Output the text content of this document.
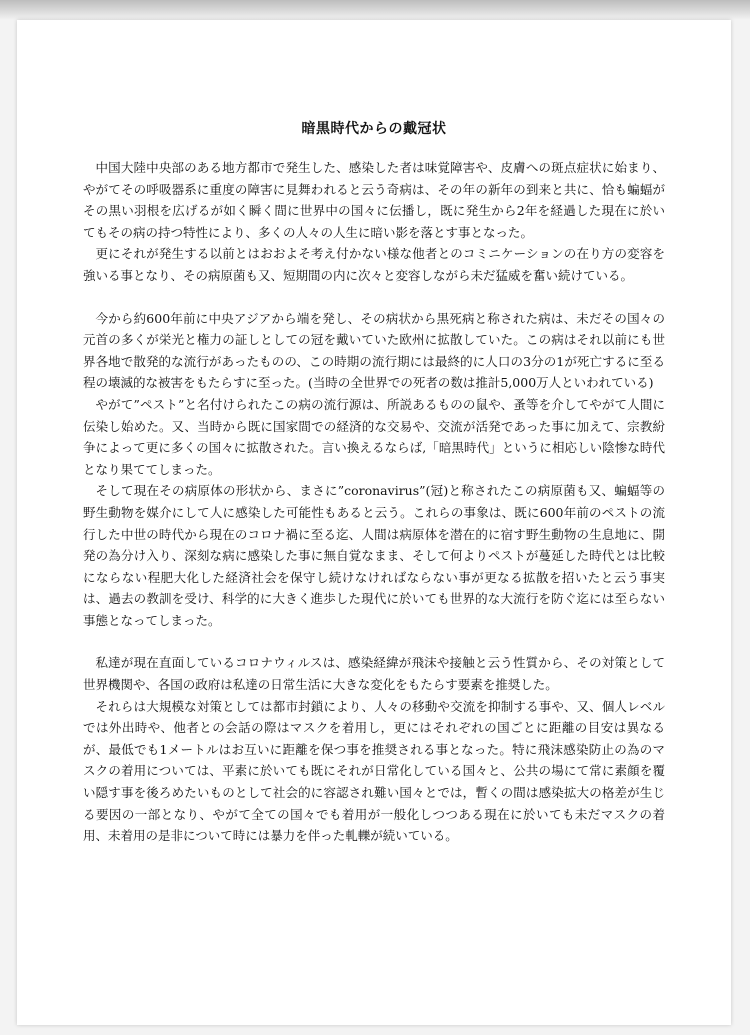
暗黒時代からの戴冠状

中国大陸中央部のある地方都市で発生した、感染した者は味覚障害や、皮膚への斑点症状に始まり、やがてその呼吸器系に重度の障害に見舞われると云う奇病は、その年の新年の到来と共に、恰も蝙蝠がその黒い羽根を広げるが如く瞬く間に世界中の国々に伝播し，既に発生から2年を経過した現在に於いてもその病の持つ特性により、多くの人々の人生に暗い影を落とす事となった。

更にそれが発生する以前とはおおよそ考え付かない様な他者とのコミニケーションの在り方の変容を強いる事となり、その病原菌も又、短期間の内に次々と変容しながら未だ猛威を奮い続けている。

今から約600年前に中央アジアから端を発し、その病状から黒死病と称された病は、未だその国々の元首の多くが栄光と権力の証しとしての冠を戴いていた欧州に拡散していた。この病はそれ以前にも世界各地で散発的な流行があったものの、この時期の流行期には最終的に人口の3分の1が死亡するに至る程の壊滅的な被害をもたらすに至った。(当時の全世界での死者の数は推計5,000万人といわれている)

やがて”ペスト”と名付けられたこの病の流行源は、所説あるものの鼠や、蚤等を介してやがて人間に伝染し始めた。又、当時から既に国家間での経済的な交易や、交流が活発であった事に加えて、宗教紛争によって更に多くの国々に拡散された。言い換えるならば,「暗黒時代」というに相応しい陰惨な時代となり果ててしまった。

そして現在その病原体の形状から、まさに”coronavirus”(冠)と称されたこの病原菌も又、蝙蝠等の野生動物を媒介にして人に感染した可能性もあると云う。これらの事象は、既に600年前のペストの流行した中世の時代から現在のコロナ禍に至る迄、人間は病原体を潜在的に宿す野生動物の生息地に、開発の為分け入り、深刻な病に感染した事に無自覚なまま、そして何よりペストが蔓延した時代とは比較にならない程肥大化した経済社会を保守し続けなければならない事が更なる拡散を招いたと云う事実は、過去の教訓を受け、科学的に大きく進歩した現代に於いても世界的な大流行を防ぐ迄には至らない事態となってしまった。

私達が現在直面しているコロナウィルスは、感染経緯が飛沫や接触と云う性質から、その対策として世界機関や、各国の政府は私達の日常生活に大きな変化をもたらす要素を推奨した。

それらは大規模な対策としては都市封鎖により、人々の移動や交流を抑制する事や、又、個人レベルでは外出時や、他者との会話の際はマスクを着用し，更にはそれぞれの国ごとに距離の目安は異なるが、最低でも1メートルはお互いに距離を保つ事を推奨される事となった。特に飛沫感染防止の為のマスクの着用については、平素に於いても既にそれが日常化している国々と、公共の場にて常に素顔を覆い隠す事を後ろめたいものとして社会的に容認され難い国々とでは，暫くの間は感染拡大の格差が生じる要因の一部となり、やがて全ての国々でも着用が一般化しつつある現在に於いても未だマスクの着用、未着用の是非について時には暴力を伴った軋轢が続いている。
